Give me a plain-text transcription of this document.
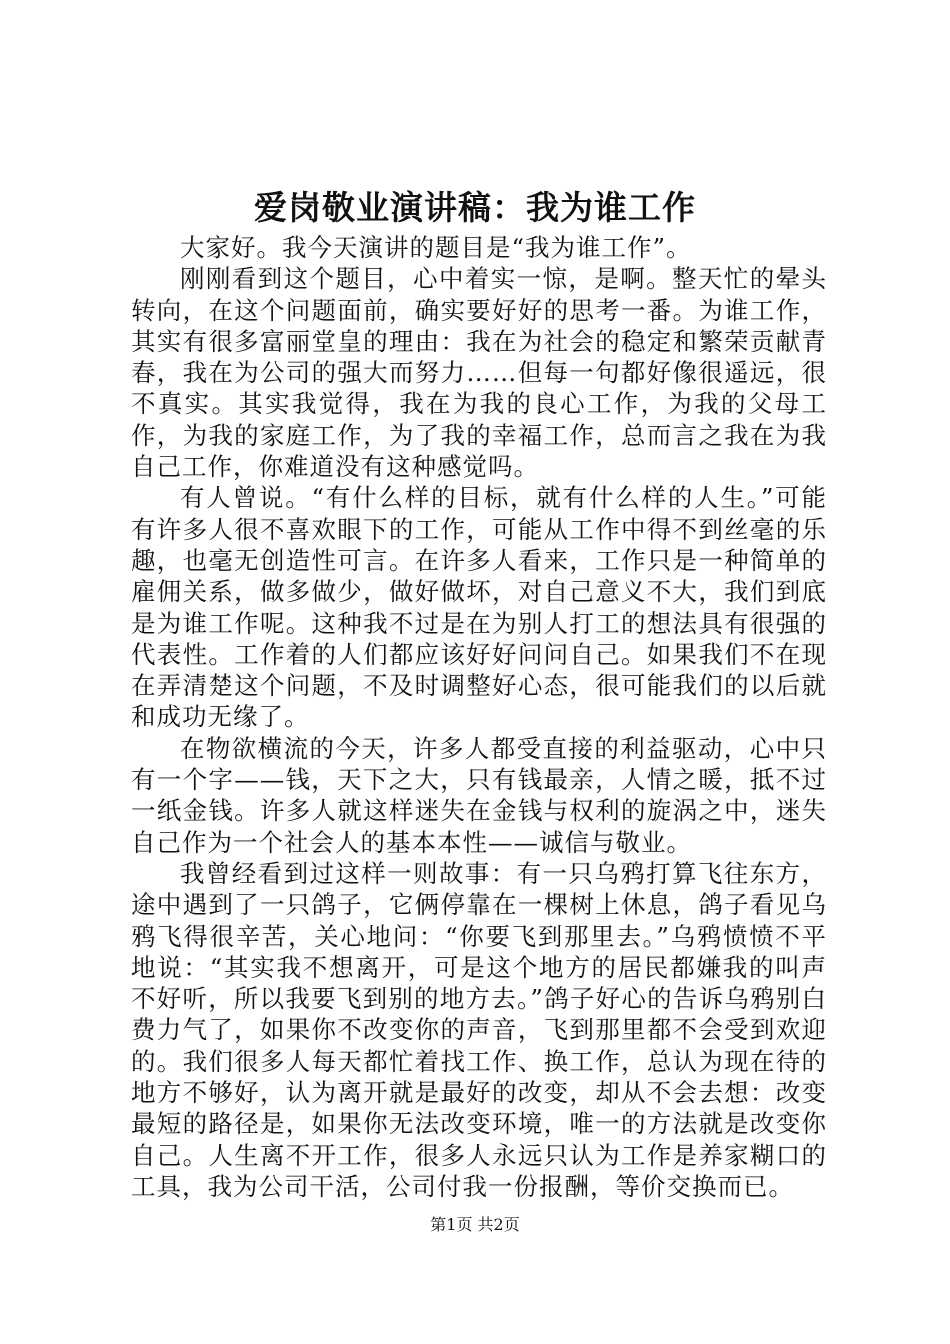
爱岗敬业演讲稿：我为谁工作

大家好。我今天演讲的题目是“我为谁工作”。

刚刚看到这个题目，心中着实一惊，是啊。整天忙的晕头转向，在这个问题面前，确实要好好的思考一番。为谁工作，其实有很多富丽堂皇的理由：我在为社会的稳定和繁荣贡献青春，我在为公司的强大而努力……但每一句都好像很遥远，很不真实。其实我觉得，我在为我的良心工作，为我的父母工作，为我的家庭工作，为了我的幸福工作，总而言之我在为我自己工作，你难道没有这种感觉吗。

有人曾说。“有什么样的目标，就有什么样的人生。”可能有许多人很不喜欢眼下的工作，可能从工作中得不到丝毫的乐趣，也毫无创造性可言。在许多人看来，工作只是一种简单的雇佣关系，做多做少，做好做坏，对自己意义不大，我们到底是为谁工作呢。这种我不过是在为别人打工的想法具有很强的代表性。工作着的人们都应该好好问问自己。如果我们不在现在弄清楚这个问题，不及时调整好心态，很可能我们的以后就和成功无缘了。

在物欲横流的今天，许多人都受直接的利益驱动，心中只有一个字——钱，天下之大，只有钱最亲，人情之暖，抵不过一纸金钱。许多人就这样迷失在金钱与权利的旋涡之中，迷失自己作为一个社会人的基本本性——诚信与敬业。

我曾经看到过这样一则故事：有一只乌鸦打算飞往东方，途中遇到了一只鸽子，它俩停靠在一棵树上休息，鸽子看见乌鸦飞得很辛苦，关心地问：“你要飞到那里去。”乌鸦愤愤不平地说：“其实我不想离开，可是这个地方的居民都嫌我的叫声不好听，所以我要飞到别的地方去。”鸽子好心的告诉乌鸦别白费力气了，如果你不改变你的声音，飞到那里都不会受到欢迎的。我们很多人每天都忙着找工作、换工作，总认为现在待的地方不够好，认为离开就是最好的改变，却从不会去想：改变最短的路径是，如果你无法改变环境，唯一的方法就是改变你自己。人生离不开工作，很多人永远只认为工作是养家糊口的工具，我为公司干活，公司付我一份报酬，等价交换而已。

第1页 共2页
